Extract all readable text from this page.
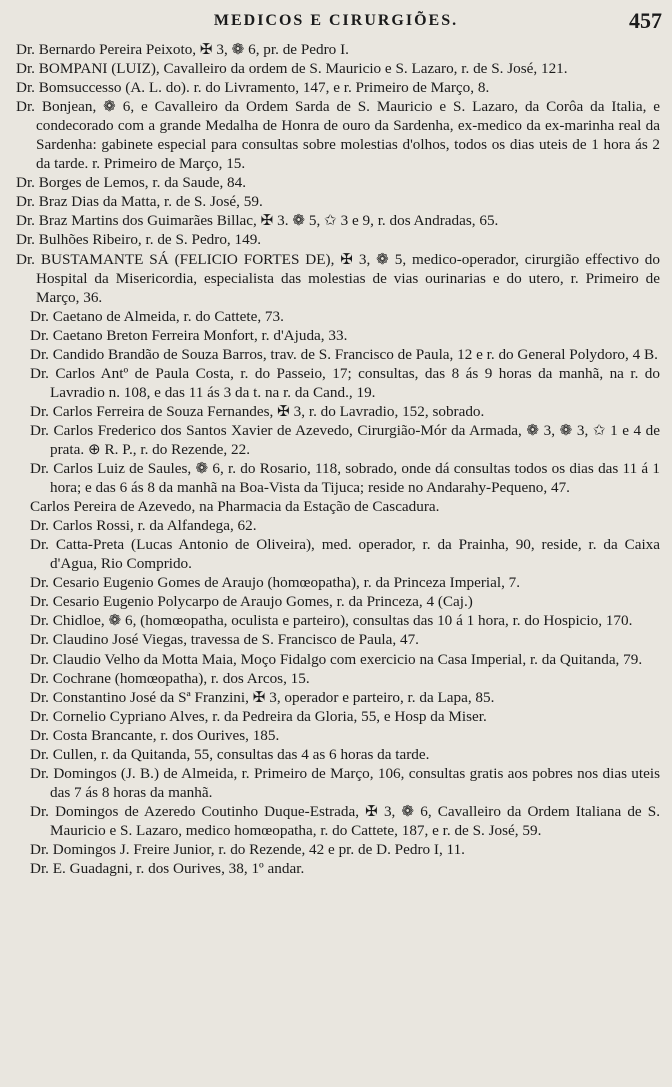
MEDICOS E CIRURGIÕES.	457

Dr. Bernardo Pereira Peixoto, ✠ 3, ❁ 6, pr. de Pedro I.

Dr. BOMPANI (LUIZ), Cavalleiro da ordem de S. Mauricio e S. Lazaro, r. de S. José, 121.

Dr. Bomsuccesso (A. L. do). r. do Livramento, 147, e r. Primeiro de Março, 8.

Dr. Bonjean, ❁ 6, e Cavalleiro da Ordem Sarda de S. Mauricio e S. Lazaro, da Corôa da Italia, e condecorado com a grande Medalha de Honra de ouro da Sardenha, ex-medico da ex-marinha real da Sardenha: gabinete especial para consultas sobre molestias d'olhos, todos os dias uteis de 1 hora ás 2 da tarde. r. Primeiro de Março, 15.

Dr. Borges de Lemos, r. da Saude, 84.

Dr. Braz Dias da Matta, r. de S. José, 59.

Dr. Braz Martins dos Guimarães Billac, ✠ 3. ❁ 5, ✩ 3 e 9, r. dos Andradas, 65.

Dr. Bulhões Ribeiro, r. de S. Pedro, 149.

Dr. BUSTAMANTE SÁ (FELICIO FORTES DE), ✠ 3, ❁ 5, medico-operador, cirurgião effectivo do Hospital da Misericordia, especialista das molestias de vias ourinarias e do utero, r. Primeiro de Março, 36.

Dr. Caetano de Almeida, r. do Cattete, 73.

Dr. Caetano Breton Ferreira Monfort, r. d'Ajuda, 33.

Dr. Candido Brandão de Souza Barros, trav. de S. Francisco de Paula, 12 e r. do General Polydoro, 4 B.

Dr. Carlos Antº de Paula Costa, r. do Passeio, 17; consultas, das 8 ás 9 horas da manhã, na r. do Lavradio n. 108, e das 11 ás 3 da t. na r. da Cand., 19.

Dr. Carlos Ferreira de Souza Fernandes, ✠ 3, r. do Lavradio, 152, sobrado.

Dr. Carlos Frederico dos Santos Xavier de Azevedo, Cirurgião-Mór da Armada, ❁ 3, ❁ 3, ✩ 1 e 4 de prata. ⊕ R. P., r. do Rezende, 22.

Dr. Carlos Luiz de Saules, ❁ 6, r. do Rosario, 118, sobrado, onde dá consultas todos os dias das 11 á 1 hora; e das 6 ás 8 da manhã na Boa-Vista da Tijuca; reside no Andarahy-Pequeno, 47.

Carlos Pereira de Azevedo, na Pharmacia da Estação de Cascadura.

Dr. Carlos Rossi, r. da Alfandega, 62.

Dr. Catta-Preta (Lucas Antonio de Oliveira), med. operador, r. da Prainha, 90, reside, r. da Caixa d'Agua, Rio Comprido.

Dr. Cesario Eugenio Gomes de Araujo (homœopatha), r. da Princeza Imperial, 7.

Dr. Cesario Eugenio Polycarpo de Araujo Gomes, r. da Princeza, 4 (Caj.)

Dr. Chidloe, ❁ 6, (homœopatha, oculista e parteiro), consultas das 10 á 1 hora, r. do Hospicio, 170.

Dr. Claudino José Viegas, travessa de S. Francisco de Paula, 47.

Dr. Claudio Velho da Motta Maia, Moço Fidalgo com exercicio na Casa Imperial, r. da Quitanda, 79.

Dr. Cochrane (homœopatha), r. dos Arcos, 15.

Dr. Constantino José da Sª Franzini, ✠ 3, operador e parteiro, r. da Lapa, 85.

Dr. Cornelio Cypriano Alves, r. da Pedreira da Gloria, 55, e Hosp da Miser.

Dr. Costa Brancante, r. dos Ourives, 185.

Dr. Cullen, r. da Quitanda, 55, consultas das 4 as 6 horas da tarde.

Dr. Domingos (J. B.) de Almeida, r. Primeiro de Março, 106, consultas gratis aos pobres nos dias uteis das 7 ás 8 horas da manhã.

Dr. Domingos de Azeredo Coutinho Duque-Estrada, ✠ 3, ❁ 6, Cavalleiro da Ordem Italiana de S. Mauricio e S. Lazaro, medico homœopatha, r. do Cattete, 187, e r. de S. José, 59.

Dr. Domingos J. Freire Junior, r. do Rezende, 42 e pr. de D. Pedro I, 11.

Dr. E. Guadagni, r. dos Ourives, 38, 1º andar.
